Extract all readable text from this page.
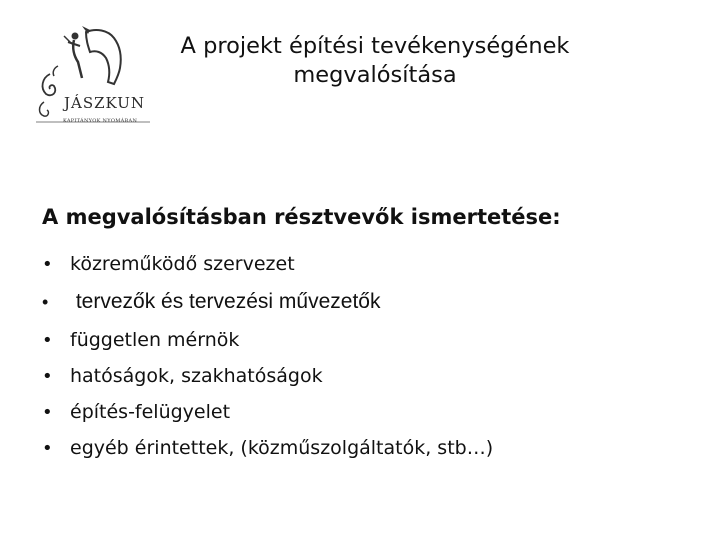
JÁSZKUN
KAPITÁNYOK NYOMÁBAN
A projekt építési tevékenységének
megvalósítása
A megvalósításban résztvevők ismertetése:
• közreműködő szervezet
•	tervezők és tervezési művezetők
• független mérnök
• hatóságok, szakhatóságok
• építés-felügyelet
• egyéb érintettek, (közműszolgáltatók, stb…)
